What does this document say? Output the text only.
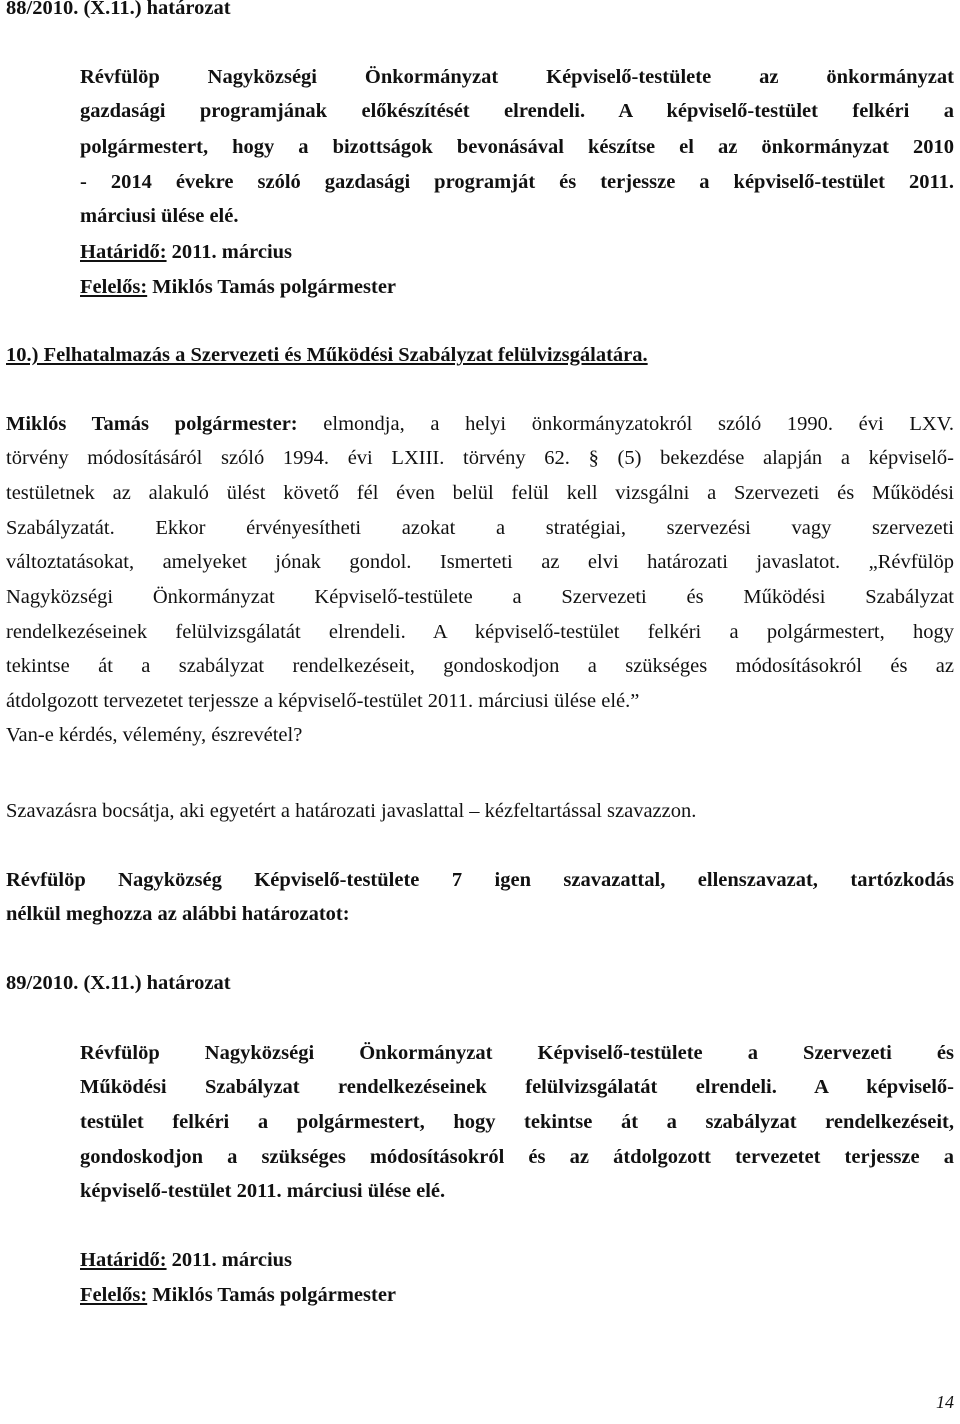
88/2010. (X.11.) határozat
Révfülöp Nagyközségi Önkormányzat Képviselő-testülete az önkormányzat
gazdasági programjának előkészítését elrendeli. A képviselő-testület felkéri a
polgármestert, hogy a bizottságok bevonásával készítse el az önkormányzat 2010
- 2014 évekre szóló gazdasági programját és terjessze a képviselő-testület 2011.
márciusi ülése elé.
Határidő: 2011. március
Felelős: Miklós Tamás polgármester
10.) Felhatalmazás a Szervezeti és Működési Szabályzat felülvizsgálatára.
Miklós Tamás polgármester: elmondja, a helyi önkormányzatokról szóló 1990. évi LXV.
törvény módosításáról szóló 1994. évi LXIII. törvény 62. § (5) bekezdése alapján a képviselő-
testületnek az alakuló ülést követő fél éven belül felül kell vizsgálni a Szervezeti és Működési
Szabályzatát. Ekkor érvényesítheti azokat a stratégiai, szervezési vagy szervezeti
változtatásokat, amelyeket jónak gondol. Ismerteti az elvi határozati javaslatot. „Révfülöp
Nagyközségi Önkormányzat Képviselő-testülete a Szervezeti és Működési Szabályzat
rendelkezéseinek felülvizsgálatát elrendeli. A képviselő-testület felkéri a polgármestert, hogy
tekintse át a szabályzat rendelkezéseit, gondoskodjon a szükséges módosításokról és az
átdolgozott tervezetet terjessze a képviselő-testület 2011. márciusi ülése elé.”
Van-e kérdés, vélemény, észrevétel?
Szavazásra bocsátja, aki egyetért a határozati javaslattal – kézfeltartással szavazzon.
Révfülöp Nagyközség Képviselő-testülete 7 igen szavazattal, ellenszavazat, tartózkodás
nélkül meghozza az alábbi határozatot:
89/2010. (X.11.) határozat
Révfülöp Nagyközségi Önkormányzat Képviselő-testülete a Szervezeti és
Működési Szabályzat rendelkezéseinek felülvizsgálatát elrendeli. A képviselő-
testület felkéri a polgármestert, hogy tekintse át a szabályzat rendelkezéseit,
gondoskodjon a szükséges módosításokról és az átdolgozott tervezetet terjessze a
képviselő-testület 2011. márciusi ülése elé.
Határidő: 2011. március
Felelős: Miklós Tamás polgármester
14
